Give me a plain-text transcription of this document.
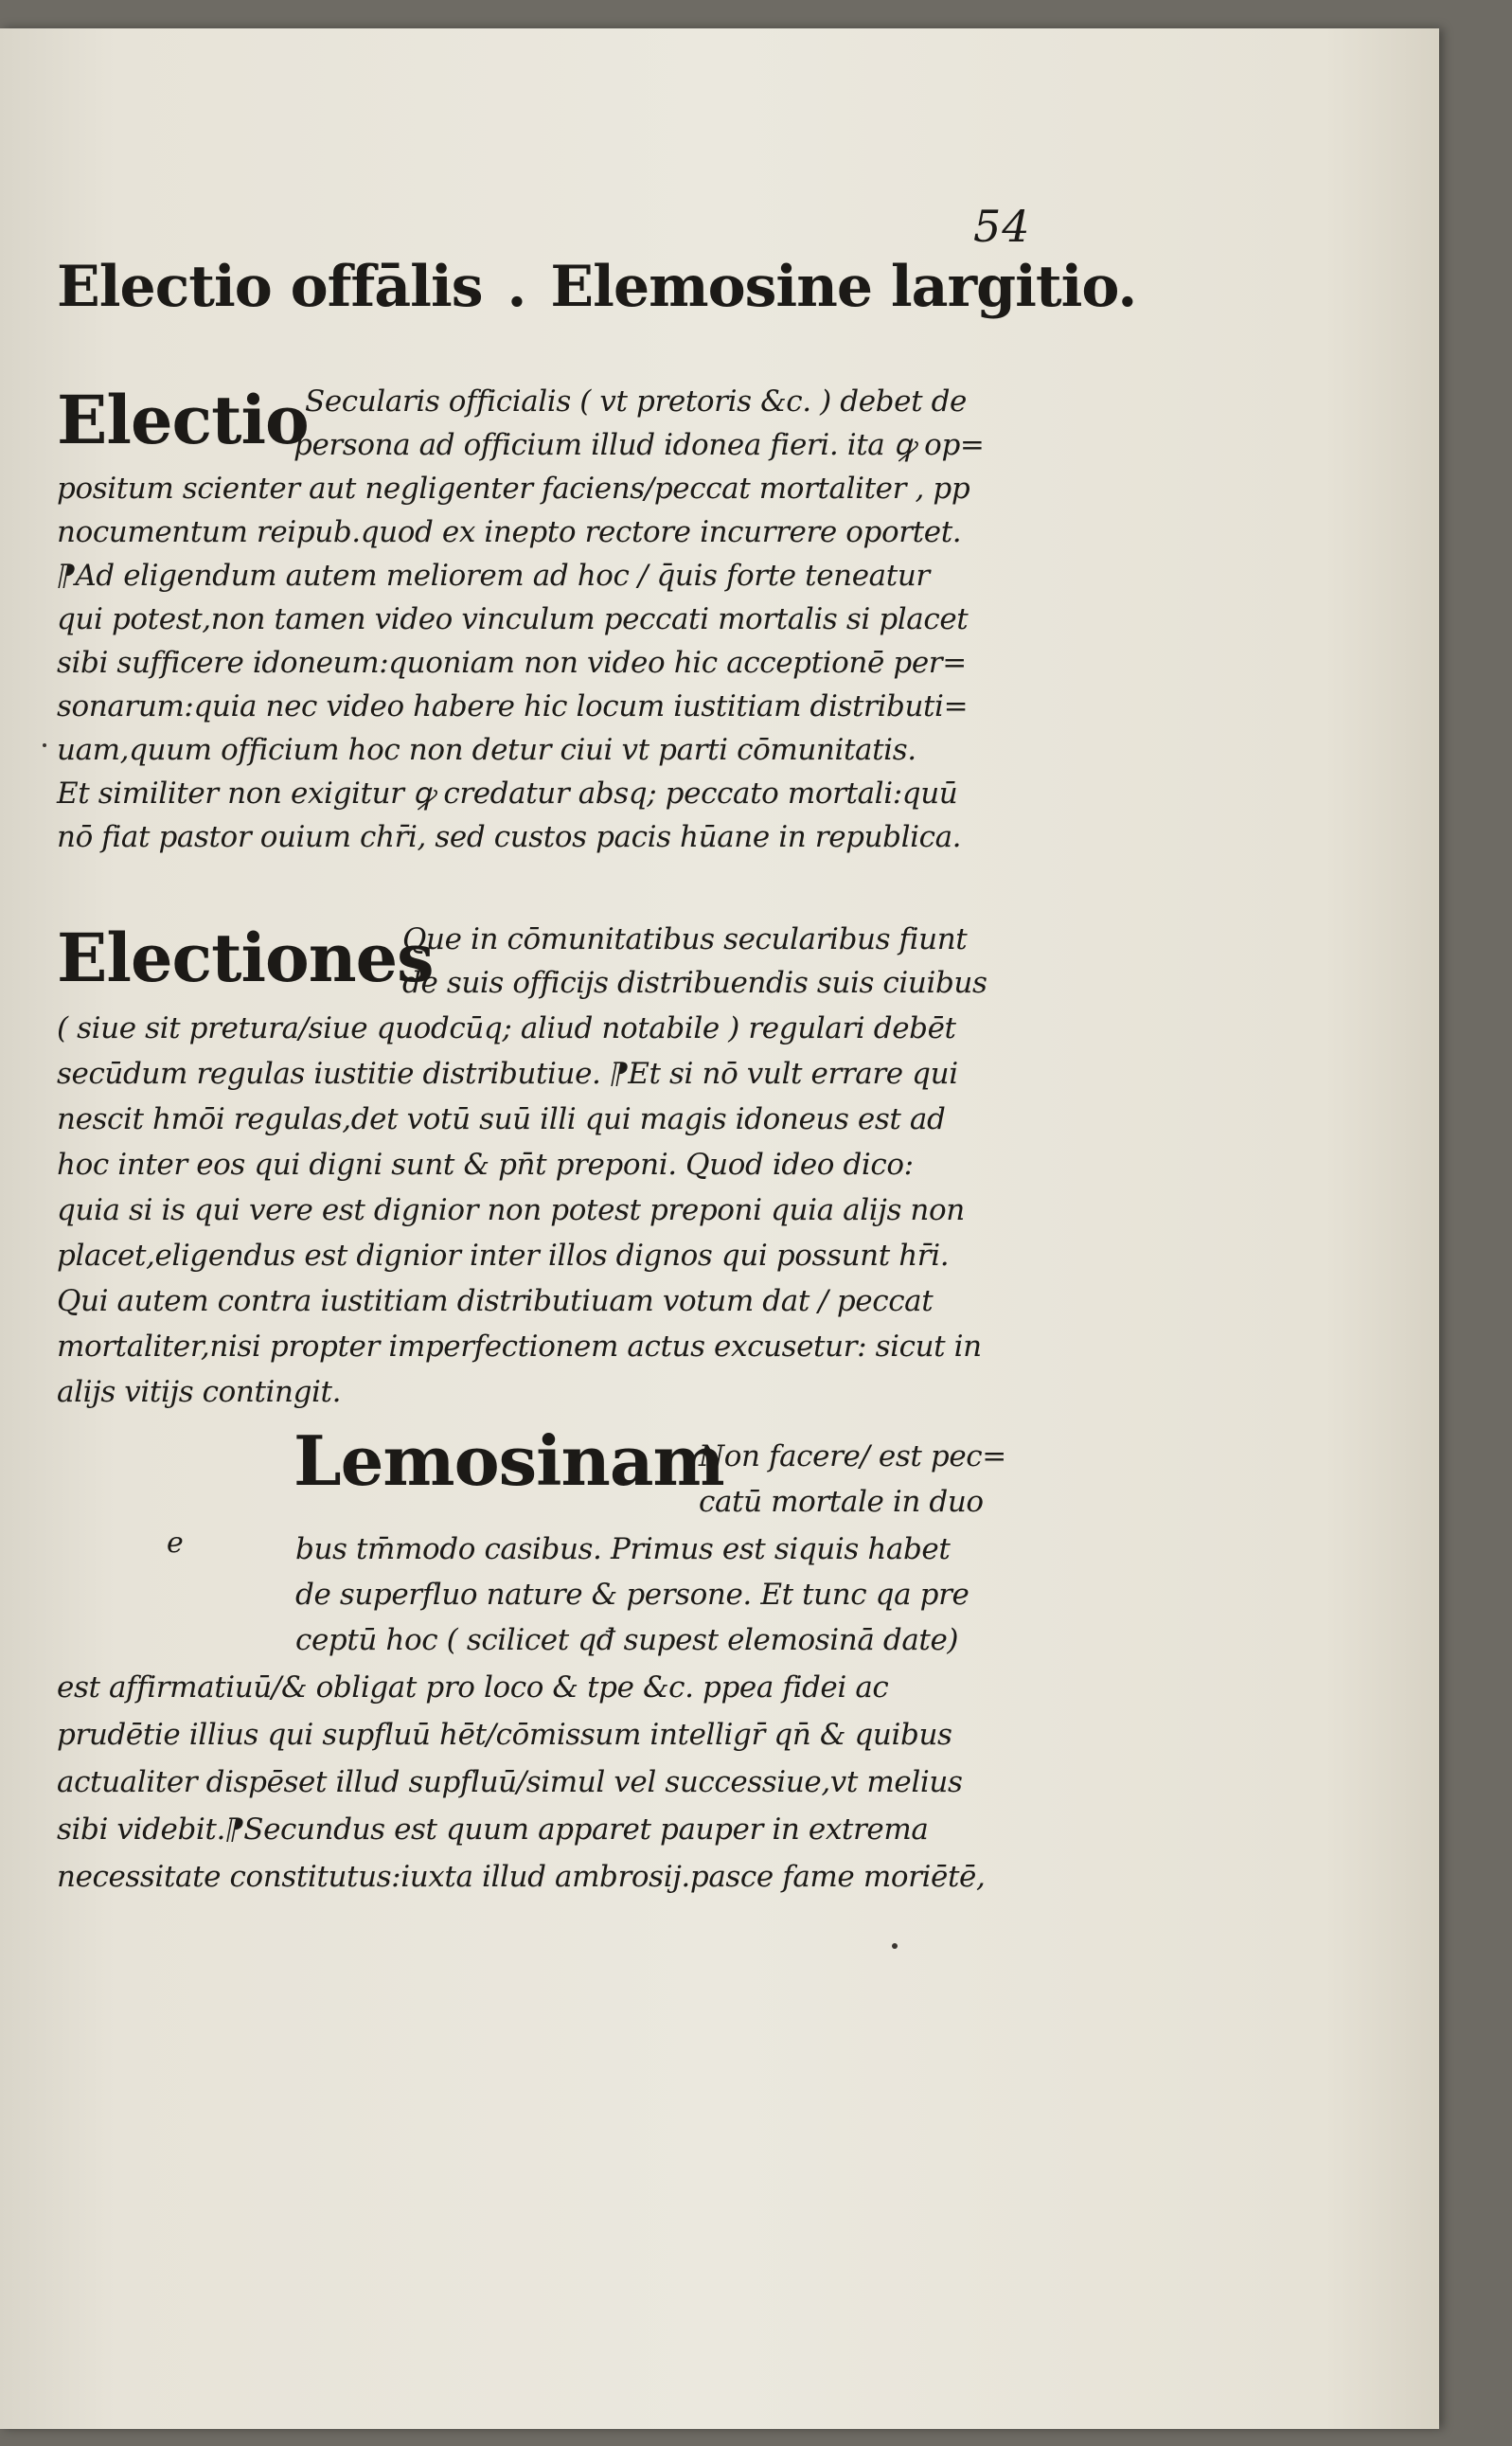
54
Electio offālis . Elemosine largitio.
Electio
Electiones
Lemosinam
e
Secularis officialis ( vt pretoris &c. ) debet de
persona ad officium illud idonea fieri. ita ꝙ op=
positum scienter aut negligenter faciens/peccat mortaliter , pp
nocumentum reipub.quod ex inepto rectore incurrere oportet.
⁋Ad eligendum autem meliorem ad hoc / q̄uis forte teneatur
qui potest,non tamen video vinculum peccati mortalis si placet
sibi sufficere idoneum:quoniam non video hic acceptionē per=
sonarum:quia nec video habere hic locum iustitiam distributi=
uam,quum officium hoc non detur ciui vt parti cōmunitatis.
Et similiter non exigitur ꝙ credatur absq; peccato mortali:quū
nō fiat pastor ouium chr̄i, sed custos pacis hūane in republica.
Que in cōmunitatibus secularibus fiunt
de suis officijs distribuendis suis ciuibus
( siue sit pretura/siue quodcūq; aliud notabile ) regulari debēt
secūdum regulas iustitie distributiue. ⁋Et si nō vult errare qui
nescit hmōi regulas,det votū suū illi qui magis idoneus est ad
hoc inter eos qui digni sunt & pn̄t preponi. Quod ideo dico:
quia si is qui vere est dignior non potest preponi quia alijs non
placet,eligendus est dignior inter illos dignos qui possunt hr̄i.
Qui autem contra iustitiam distributiuam votum dat / peccat
mortaliter,nisi propter imperfectionem actus excusetur: sicut in
alijs vitijs contingit.
Non facere/ est pec=
catū mortale in duo
bus tm̄modo casibus. Primus est siquis habet
de superfluo nature & persone. Et tunc qa pre
ceptū hoc ( scilicet qđ supest elemosinā date)
est affirmatiuū/& obligat pro loco & tpe &c. ppea fidei ac
prudētie illius qui supfluū hēt/cōmissum intelligr̄ qn̄ & quibus
actualiter dispēset illud supfluū/simul vel successiue,vt melius
sibi videbit.⁋Secundus est quum apparet pauper in extrema
necessitate constitutus:iuxta illud ambrosij.pasce fame moriētē,
